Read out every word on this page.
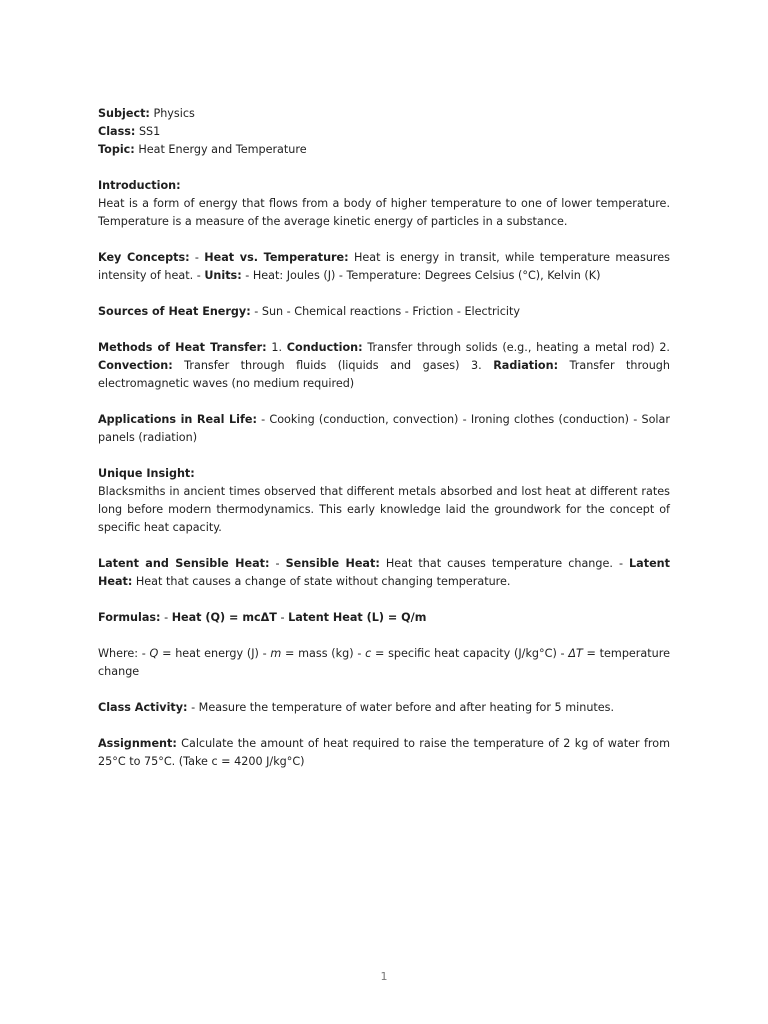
Subject: Physics
Class: SS1
Topic: Heat Energy and Temperature
Introduction:
Heat is a form of energy that flows from a body of higher temperature to one of lower temperature. Temperature is a measure of the average kinetic energy of particles in a substance.
Key Concepts: - Heat vs. Temperature: Heat is energy in transit, while temperature measures intensity of heat. - Units: - Heat: Joules (J) - Temperature: Degrees Celsius (°C), Kelvin (K)
Sources of Heat Energy: - Sun - Chemical reactions - Friction - Electricity
Methods of Heat Transfer: 1. Conduction: Transfer through solids (e.g., heating a metal rod) 2. Convection: Transfer through fluids (liquids and gases) 3. Radiation: Transfer through electromagnetic waves (no medium required)
Applications in Real Life: - Cooking (conduction, convection) - Ironing clothes (conduction) - Solar panels (radiation)
Unique Insight:
Blacksmiths in ancient times observed that different metals absorbed and lost heat at different rates long before modern thermodynamics. This early knowledge laid the groundwork for the concept of specific heat capacity.
Latent and Sensible Heat: - Sensible Heat: Heat that causes temperature change. - Latent Heat: Heat that causes a change of state without changing temperature.
Formulas: - Heat (Q) = mcΔT - Latent Heat (L) = Q/m
Where: - Q = heat energy (J) - m = mass (kg) - c = specific heat capacity (J/kg°C) - ΔT = temperature change
Class Activity: - Measure the temperature of water before and after heating for 5 minutes.
Assignment: Calculate the amount of heat required to raise the temperature of 2 kg of water from 25°C to 75°C. (Take c = 4200 J/kg°C)
1
